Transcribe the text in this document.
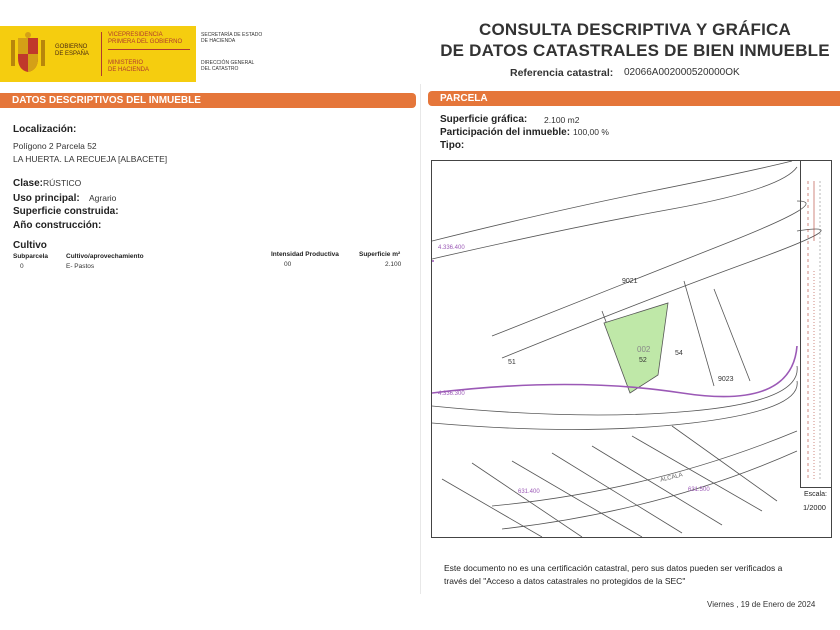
GOBIERNO
DE ESPAÑA
VICEPRESIDENCIA
PRIMERA DEL GOBIERNO
MINISTERIO
DE HACIENDA
SECRETARÍA DE ESTADO
DE HACIENDA
DIRECCIÓN GENERAL
DEL CATASTRO
CONSULTA DESCRIPTIVA Y GRÁFICA
DE DATOS CATASTRALES DE BIEN INMUEBLE
Referencia catastral: 02066A002000520000OK
DATOS DESCRIPTIVOS DEL INMUEBLE
Localización:
Polígono 2 Parcela 52
LA HUERTA. LA RECUEJA [ALBACETE]
Clase: RÚSTICO
Uso principal: Agrario
Superficie construida:
Año construcción:
Cultivo
Subparcela	Cultivo/aprovechamiento	Intensidad Productiva	Superficie m²
0	E- Pastos	00	2.100
PARCELA
Superficie gráfica: 2.100 m2
Participación del inmueble: 100,00 %
Tipo:
4.336.400
4.336.300
631.400	631.500
ALCALA
002
52
51
54
9021
9023
Escala:
1/2000
Este documento no es una certificación catastral, pero sus datos pueden ser verificados a
través del "Acceso a datos catastrales no protegidos de la SEC"
Viernes , 19 de Enero de 2024
